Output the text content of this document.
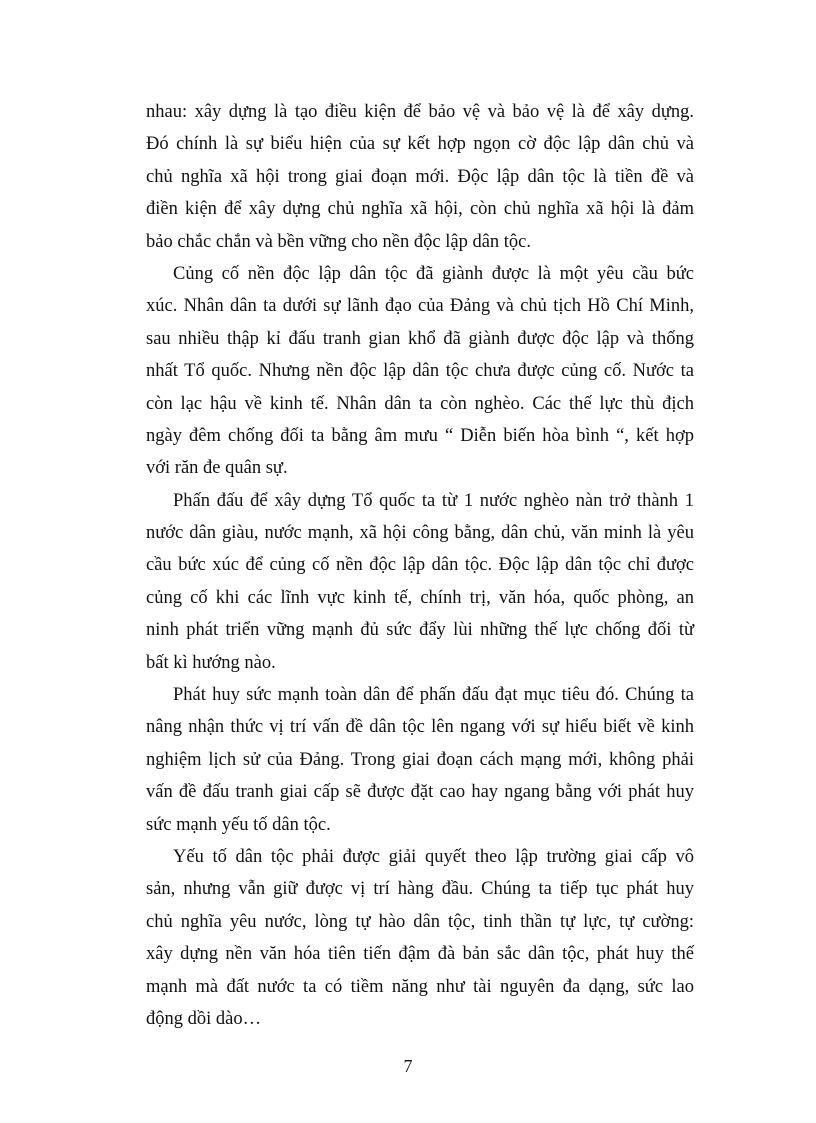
nhau: xây dựng là tạo điều kiện để bảo vệ và bảo vệ là để xây dựng.
Đó chính là sự biểu hiện của sự kết hợp ngọn cờ độc lập dân chủ và
chủ nghĩa xã hội trong giai đoạn mới. Độc lập dân tộc là tiền đề và
điền kiện để xây dựng chủ nghĩa xã hội, còn chủ nghĩa xã hội là đảm
bảo chắc chắn và bền vững cho nền độc lập dân tộc.
Củng cố nền độc lập dân tộc đã giành được là một yêu cầu bức
xúc. Nhân dân ta dưới sự lãnh đạo của Đảng và chủ tịch Hồ Chí Minh,
sau nhiều thập kỉ đấu tranh gian khổ đã giành được độc lập và thống
nhất Tổ quốc. Nhưng nền độc lập dân tộc chưa được củng cố. Nước ta
còn lạc hậu về kinh tế. Nhân dân ta còn nghèo. Các thế lực thù địch
ngày đêm chống đối ta bằng âm mưu “ Diễn biến hòa bình “, kết hợp
với răn đe quân sự.
Phấn đấu để xây dựng Tổ quốc ta từ 1 nước nghèo nàn trở thành 1
nước dân giàu, nước mạnh, xã hội công bằng, dân chủ, văn minh là yêu
cầu bức xúc để củng cố nền độc lập dân tộc. Độc lập dân tộc chỉ được
củng cố khi các lĩnh vực kinh tế, chính trị, văn hóa, quốc phòng, an
ninh phát triển vững mạnh đủ sức đẩy lùi những thế lực chống đối từ
bất kì hướng nào.
Phát huy sức mạnh toàn dân để phấn đấu đạt mục tiêu đó. Chúng ta
nâng nhận thức vị trí vấn đề dân tộc lên ngang với sự hiểu biết về kinh
nghiệm lịch sử của Đảng. Trong giai đoạn cách mạng mới, không phải
vấn đề đấu tranh giai cấp sẽ được đặt cao hay ngang bằng với phát huy
sức mạnh yếu tố dân tộc.
Yếu tố dân tộc phải được giải quyết theo lập trường giai cấp vô
sản, nhưng vẫn giữ được vị trí hàng đầu. Chúng ta tiếp tục phát huy
chủ nghĩa yêu nước, lòng tự hào dân tộc, tinh thần tự lực, tự cường:
xây dựng nền văn hóa tiên tiến đậm đà bản sắc dân tộc, phát huy thế
mạnh mà đất nước ta có tiềm năng như tài nguyên đa dạng, sức lao
động dồi dào…
7
